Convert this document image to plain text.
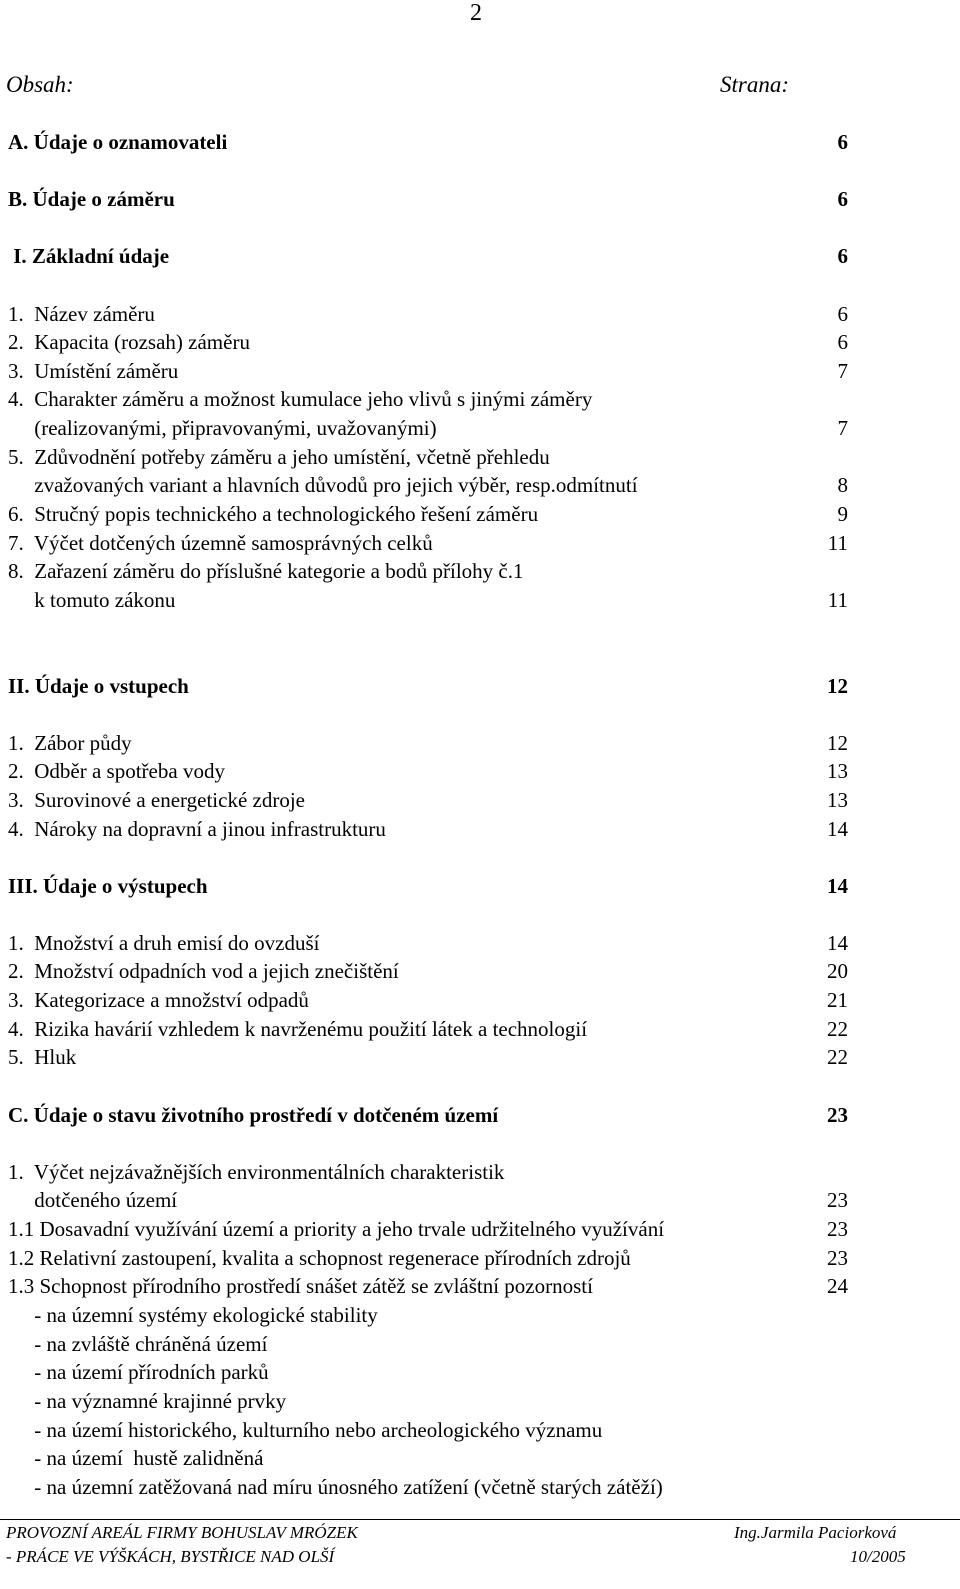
2
Obsah:	Strana:
A. Údaje o oznamovateli	6
B. Údaje o záměru	6
I. Základní údaje	6
1.  Název záměru	6
2.  Kapacita (rozsah) záměru	6
3.  Umístění záměru	7
4.  Charakter záměru a možnost kumulace jeho vlivů s jinými záměry
(realizovanými, připravovanými, uvažovanými)	7
5.  Zdůvodnění potřeby záměru a jeho umístění, včetně přehledu
zvažovaných variant a hlavních důvodů pro jejich výběr, resp.odmítnutí	8
6.  Stručný popis technického a technologického řešení záměru	9
7.  Výčet dotčených územně samosprávných celků	11
8.  Zařazení záměru do příslušné kategorie a bodů přílohy č.1
k tomuto zákonu	11
II. Údaje o vstupech	12
1.  Zábor půdy	12
2.  Odběr a spotřeba vody	13
3.  Surovinové a energetické zdroje	13
4.  Nároky na dopravní a jinou infrastrukturu	14
III. Údaje o výstupech	14
1.  Množství a druh emisí do ovzduší	14
2.  Množství odpadních vod a jejich znečištění	20
3.  Kategorizace a množství odpadů	21
4.  Rizika havárií vzhledem k navrženému použití látek a technologií	22
5.  Hluk	22
C. Údaje o stavu životního prostředí v dotčeném území	23
1.  Výčet nejzávažnějších environmentálních charakteristik
dotčeného území	23
1.1 Dosavadní využívání území a priority a jeho trvale udržitelného využívání	23
1.2 Relativní zastoupení, kvalita a schopnost regenerace přírodních zdrojů	23
1.3 Schopnost přírodního prostředí snášet zátěž se zvláštní pozorností	24
- na územní systémy ekologické stability
- na zvláště chráněná území
- na území přírodních parků
- na významné krajinné prvky
- na území historického, kulturního nebo archeologického významu
- na území  hustě zalidněná
- na územní zatěžovaná nad míru únosného zatížení (včetně starých zátěží)
PROVOZNÍ AREÁL FIRMY BOHUSLAV MRÓZEK
- PRÁCE VE VÝŠKÁCH, BYSTŘICE NAD OLŠÍ
Ing.Jarmila Paciorková
10/2005
